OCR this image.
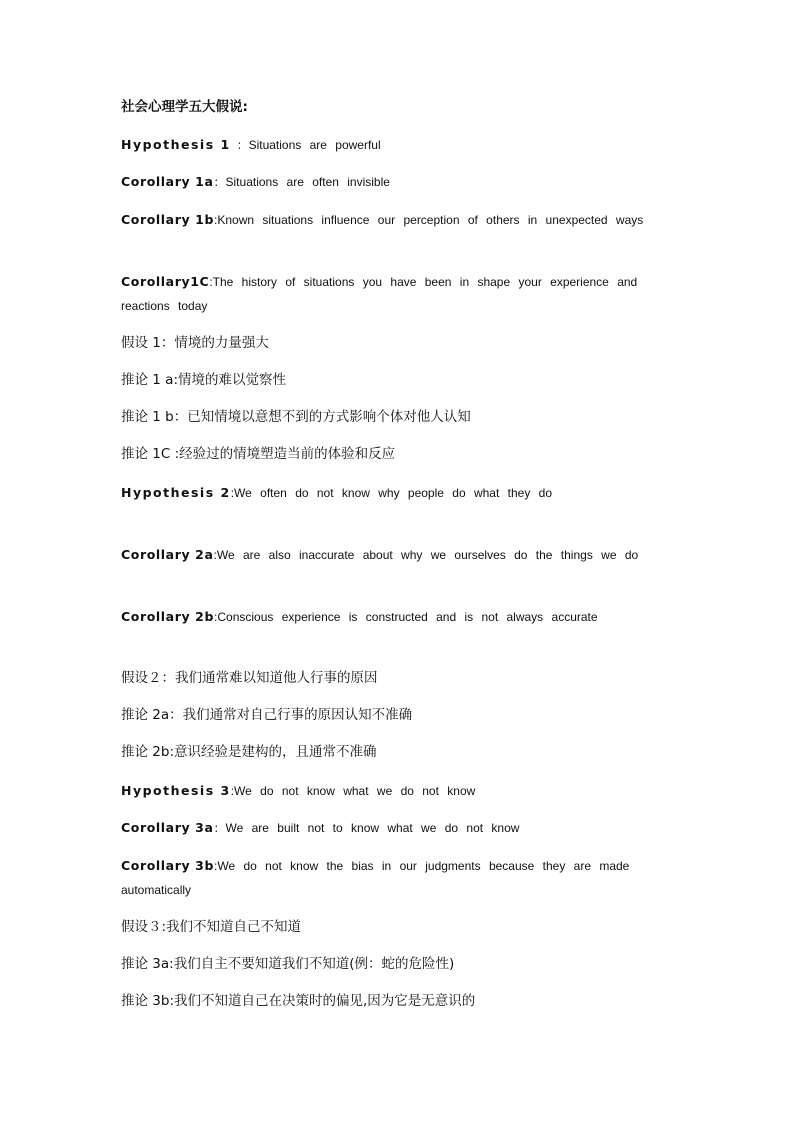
社会心理学五大假说:
Hypothesis 1 ：Situations are powerful
Corollary 1a：Situations are often invisible
Corollary 1b:Known situations influence our perception of others in unexpected ways
Corollary1C:The history of situations you have been in shape your experience and reactions today
假设 1：情境的力量强大
推论 1 a:情境的难以觉察性
推论 1 b：已知情境以意想不到的方式影响个体对他人认知
推论 1C :经验过的情境塑造当前的体验和反应
Hypothesis 2:We often do not know why people do what they do
Corollary 2a:We are also inaccurate about why we ourselves do the things we do
Corollary 2b:Conscious experience is constructed and is not always accurate
假设２：我们通常难以知道他人行事的原因
推论 2a：我们通常对自己行事的原因认知不准确
推论 2b:意识经验是建构的，且通常不准确
Hypothesis 3:We do not know what we do not know
Corollary 3a：We are built not to know what we do not know
Corollary 3b:We do not know the bias in our judgments because they are made automatically
假设３:我们不知道自己不知道
推论 3a:我们自主不要知道我们不知道(例：蛇的危险性)
推论 3b:我们不知道自己在决策时的偏见,因为它是无意识的
